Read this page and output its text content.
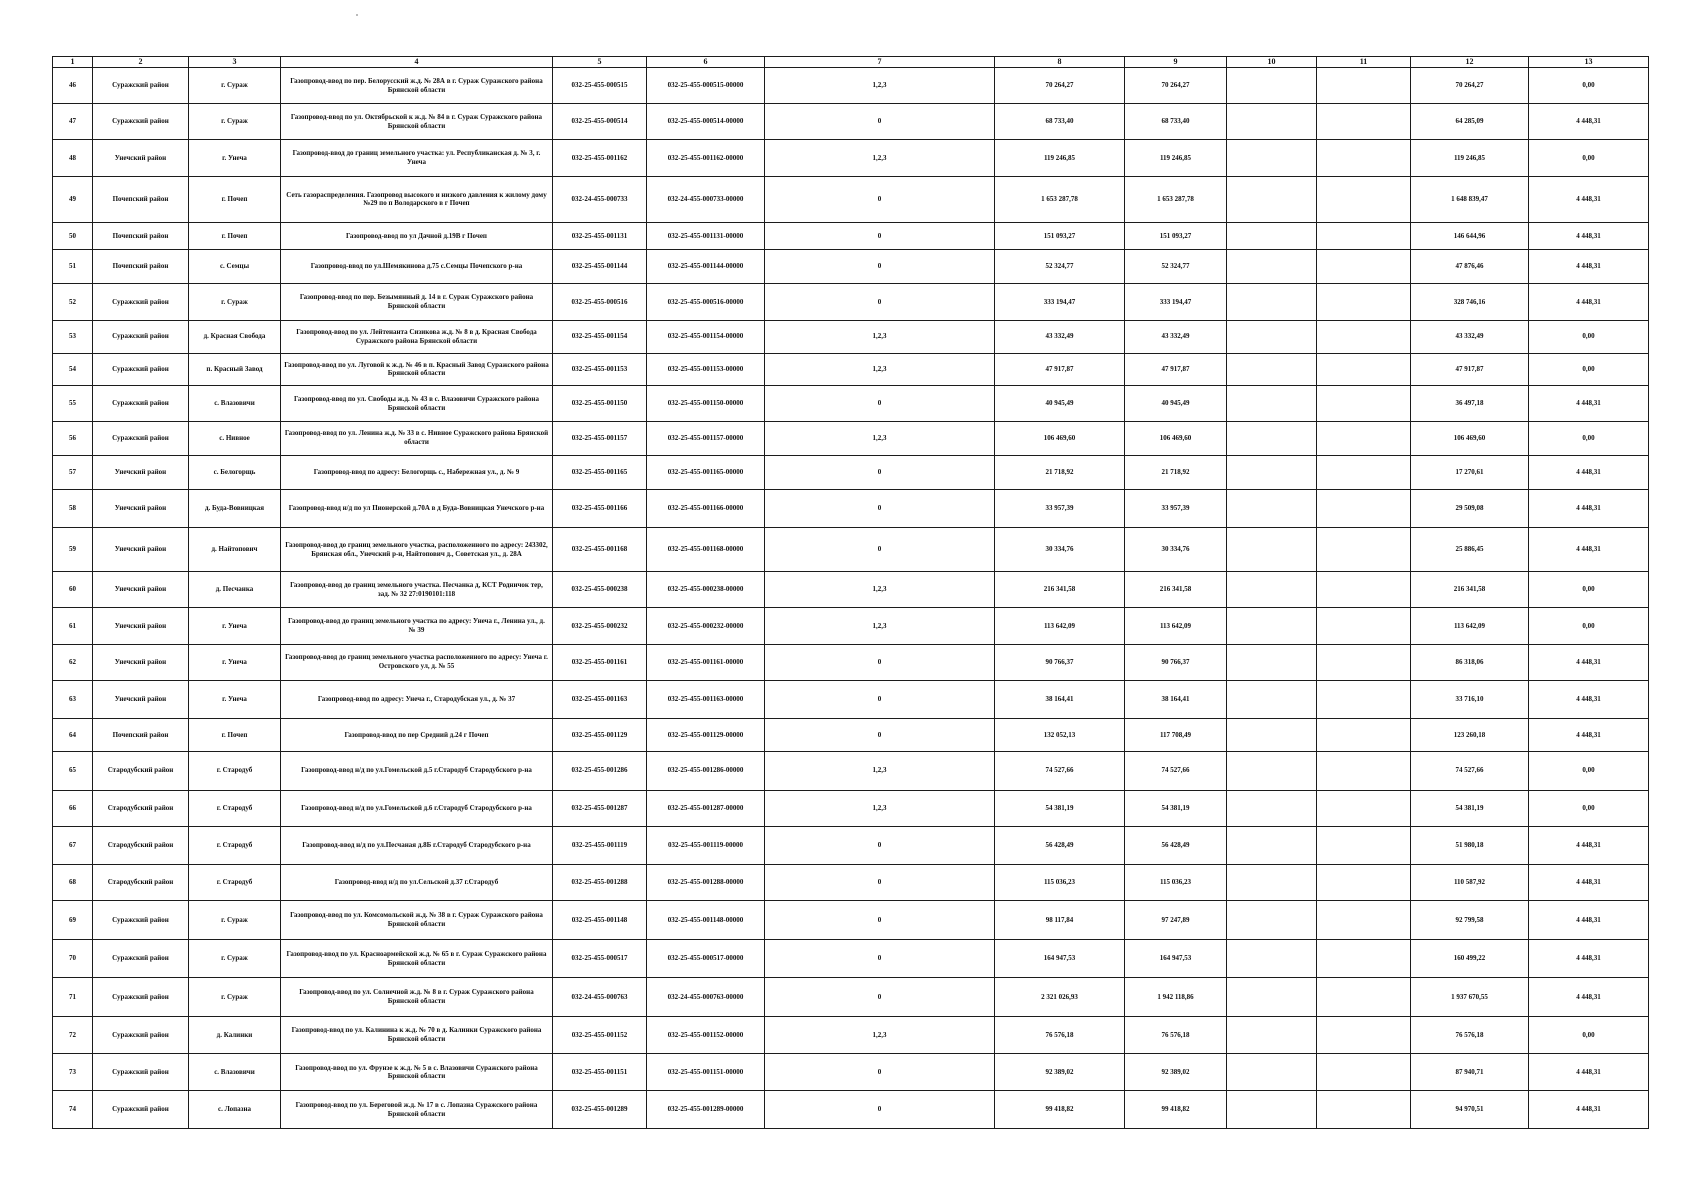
1	2	3	4	5	6	7	8	9	10	11	12	13
46	Суражский район	г. Сураж	Газопровод-ввод по пер. Белорусский ж.д. № 28А в г. Сураж Суражского района Брянской области	032-25-455-000515	032-25-455-000515-00000	1,2,3	70 264,27	70 264,27			70 264,27	0,00
47	Суражский район	г. Сураж	Газопровод-ввод по ул. Октябрьской к ж.д. № 84 в г. Сураж Суражского района Брянской области	032-25-455-000514	032-25-455-000514-00000	0	68 733,40	68 733,40			64 285,09	4 448,31
48	Унечский район	г. Унеча	Газопровод-ввод до границ земельного участка: ул. Республиканская д. № 3, г. Унеча	032-25-455-001162	032-25-455-001162-00000	1,2,3	119 246,85	119 246,85			119 246,85	0,00
49	Почепский район	г. Почеп	Сеть газораспределения. Газопровод высокого и низкого давления к жилому дому №29 по п Володарского в г Почеп	032-24-455-000733	032-24-455-000733-00000	0	1 653 287,78	1 653 287,78			1 648 839,47	4 448,31
50	Почепский район	г. Почеп	Газопровод-ввод по ул Дачной д.19В г Почеп	032-25-455-001131	032-25-455-001131-00000	0	151 093,27	151 093,27			146 644,96	4 448,31
51	Почепский район	с. Семцы	Газопровод-ввод по ул.Шемякинова д.75 с.Семцы Почепского р-на	032-25-455-001144	032-25-455-001144-00000	0	52 324,77	52 324,77			47 876,46	4 448,31
52	Суражский район	г. Сураж	Газопровод-ввод по пер. Безымянный д. 14 в г. Сураж Суражского района Брянской области	032-25-455-000516	032-25-455-000516-00000	0	333 194,47	333 194,47			328 746,16	4 448,31
53	Суражский район	д. Красная Свобода	Газопровод-ввод по ул. Лейтенанта Сизикова ж.д. № 8 в д. Красная Свобода Суражского района Брянской области	032-25-455-001154	032-25-455-001154-00000	1,2,3	43 332,49	43 332,49			43 332,49	0,00
54	Суражский район	п. Красный Завод	Газопровод-ввод по ул. Луговой к ж.д. № 46 в п. Красный Завод Суражского района Брянской области	032-25-455-001153	032-25-455-001153-00000	1,2,3	47 917,87	47 917,87			47 917,87	0,00
55	Суражский район	с. Влазовичи	Газопровод-ввод по ул. Свободы ж.д. № 43 в с. Влазовичи Суражского района Брянской области	032-25-455-001150	032-25-455-001150-00000	0	40 945,49	40 945,49			36 497,18	4 448,31
56	Суражский район	с. Нивное	Газопровод-ввод по ул. Ленина ж.д. № 33 в с. Нивное Суражского района Брянской области	032-25-455-001157	032-25-455-001157-00000	1,2,3	106 469,60	106 469,60			106 469,60	0,00
57	Унечский район	с. Белогорщь	Газопровод-ввод по адресу: Белогорщь с., Набережная ул., д. № 9	032-25-455-001165	032-25-455-001165-00000	0	21 718,92	21 718,92			17 270,61	4 448,31
58	Унечский район	д. Буда-Вовницкая	Газопровод-ввод н/д по ул Пионерской д.70А в д Буда-Вовницкая Унечского р-на	032-25-455-001166	032-25-455-001166-00000	0	33 957,39	33 957,39			29 509,08	4 448,31
59	Унечский район	д. Найтопович	Газопровод-ввод до границ земельного участка, расположенного по адресу: 243302, Брянская обл., Унечский р-н, Найтопович д., Советская ул., д. 28А	032-25-455-001168	032-25-455-001168-00000	0	30 334,76	30 334,76			25 886,45	4 448,31
60	Унечский район	д. Песчанка	Газопровод-ввод до границ земельного участка. Песчанка д, КСТ Родничок тер, зад. № 32 27:0190101:118	032-25-455-000238	032-25-455-000238-00000	1,2,3	216 341,58	216 341,58			216 341,58	0,00
61	Унечский район	г. Унеча	Газопровод-ввод до границ земельного участка по адресу: Унеча г., Ленина ул., д. № 39	032-25-455-000232	032-25-455-000232-00000	1,2,3	113 642,09	113 642,09			113 642,09	0,00
62	Унечский район	г. Унеча	Газопровод-ввод до границ земельного участка расположенного по адресу: Унеча г. Островского ул, д. № 55	032-25-455-001161	032-25-455-001161-00000	0	90 766,37	90 766,37			86 318,06	4 448,31
63	Унечский район	г. Унеча	Газопровод-ввод по адресу: Унеча г., Стародубская ул., д. № 37	032-25-455-001163	032-25-455-001163-00000	0	38 164,41	38 164,41			33 716,10	4 448,31
64	Почепский район	г. Почеп	Газопровод-ввод по пер Средний д.24 г Почеп	032-25-455-001129	032-25-455-001129-00000	0	132 052,13	117 708,49			123 260,18	4 448,31
65	Стародубский район	г. Стародуб	Газопровод-ввод н/д по ул.Гомельской д.5 г.Стародуб Стародубского р-на	032-25-455-001286	032-25-455-001286-00000	1,2,3	74 527,66	74 527,66			74 527,66	0,00
66	Стародубский район	г. Стародуб	Газопровод-ввод н/д по ул.Гомельской д.6 г.Стародуб Стародубского р-на	032-25-455-001287	032-25-455-001287-00000	1,2,3	54 381,19	54 381,19			54 381,19	0,00
67	Стародубский район	г. Стародуб	Газопровод-ввод н/д по ул.Песчаная д.8Б г.Стародуб Стародубского р-на	032-25-455-001119	032-25-455-001119-00000	0	56 428,49	56 428,49			51 980,18	4 448,31
68	Стародубский район	г. Стародуб	Газопровод-ввод н/д по ул.Сельской д.37 г.Стародуб	032-25-455-001288	032-25-455-001288-00000	0	115 036,23	115 036,23			110 587,92	4 448,31
69	Суражский район	г. Сураж	Газопровод-ввод по ул. Комсомольской ж.д. № 38 в г. Сураж Суражского района Брянской области	032-25-455-001148	032-25-455-001148-00000	0	98 117,84	97 247,89			92 799,58	4 448,31
70	Суражский район	г. Сураж	Газопровод-ввод по ул. Красноармейской ж.д. № 65 в г. Сураж Суражского района Брянской области	032-25-455-000517	032-25-455-000517-00000	0	164 947,53	164 947,53			160 499,22	4 448,31
71	Суражский район	г. Сураж	Газопровод-ввод по ул. Солнечной ж.д. № 8 в г. Сураж Суражского района Брянской области	032-24-455-000763	032-24-455-000763-00000	0	2 321 026,93	1 942 118,86			1 937 670,55	4 448,31
72	Суражский район	д. Калинки	Газопровод-ввод по ул. Калинина к ж.д. № 70 в д. Калинки Суражского района Брянской области	032-25-455-001152	032-25-455-001152-00000	1,2,3	76 576,18	76 576,18			76 576,18	0,00
73	Суражский район	с. Влазовичи	Газопровод-ввод по ул. Фрунзе к ж.д. № 5 в с. Влазовичи Суражского района Брянской области	032-25-455-001151	032-25-455-001151-00000	0	92 389,02	92 389,02			87 940,71	4 448,31
74	Суражский район	с. Лопазна	Газопровод-ввод по ул. Береговой ж.д. № 17 в с. Лопазна Суражского района Брянской области	032-25-455-001289	032-25-455-001289-00000	0	99 418,82	99 418,82			94 970,51	4 448,31
